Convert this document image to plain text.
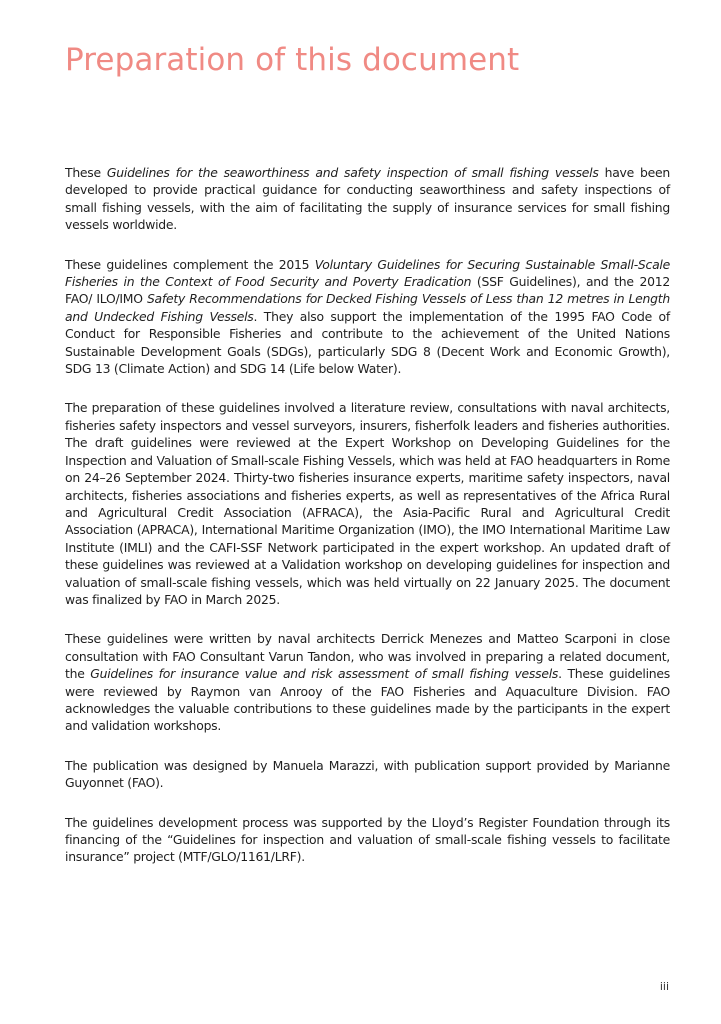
Preparation of this document

These Guidelines for the seaworthiness and safety inspection of small fishing vessels have been developed to provide practical guidance for conducting seaworthiness and safety inspections of small fishing vessels, with the aim of facilitating the supply of insurance services for small fishing vessels worldwide.

These guidelines complement the 2015 Voluntary Guidelines for Securing Sustainable Small-Scale Fisheries in the Context of Food Security and Poverty Eradication (SSF Guidelines), and the 2012 FAO/ ILO/IMO Safety Recommendations for Decked Fishing Vessels of Less than 12 metres in Length and Undecked Fishing Vessels. They also support the implementation of the 1995 FAO Code of Conduct for Responsible Fisheries and contribute to the achievement of the United Nations Sustainable Development Goals (SDGs), particularly SDG 8 (Decent Work and Economic Growth), SDG 13 (Climate Action) and SDG 14 (Life below Water).

The preparation of these guidelines involved a literature review, consultations with naval architects, fisheries safety inspectors and vessel surveyors, insurers, fisherfolk leaders and fisheries authorities. The draft guidelines were reviewed at the Expert Workshop on Developing Guidelines for the Inspection and Valuation of Small-scale Fishing Vessels, which was held at FAO headquarters in Rome on 24–26 September 2024. Thirty-two fisheries insurance experts, maritime safety inspectors, naval architects, fisheries associations and fisheries experts, as well as representatives of the Africa Rural and Agricultural Credit Association (AFRACA), the Asia-Pacific Rural and Agricultural Credit Association (APRACA), International Maritime Organization (IMO), the IMO International Maritime Law Institute (IMLI) and the CAFI-SSF Network participated in the expert workshop. An updated draft of these guidelines was reviewed at a Validation workshop on developing guidelines for inspection and valuation of small-scale fishing vessels, which was held virtually on 22 January 2025. The document was finalized by FAO in March 2025.

These guidelines were written by naval architects Derrick Menezes and Matteo Scarponi in close consultation with FAO Consultant Varun Tandon, who was involved in preparing a related document, the Guidelines for insurance value and risk assessment of small fishing vessels. These guidelines were reviewed by Raymon van Anrooy of the FAO Fisheries and Aquaculture Division. FAO acknowledges the valuable contributions to these guidelines made by the participants in the expert and validation workshops.

The publication was designed by Manuela Marazzi, with publication support provided by Marianne Guyonnet (FAO).

The guidelines development process was supported by the Lloyd’s Register Foundation through its financing of the “Guidelines for inspection and valuation of small-scale fishing vessels to facilitate insurance” project (MTF/GLO/1161/LRF).

iii
